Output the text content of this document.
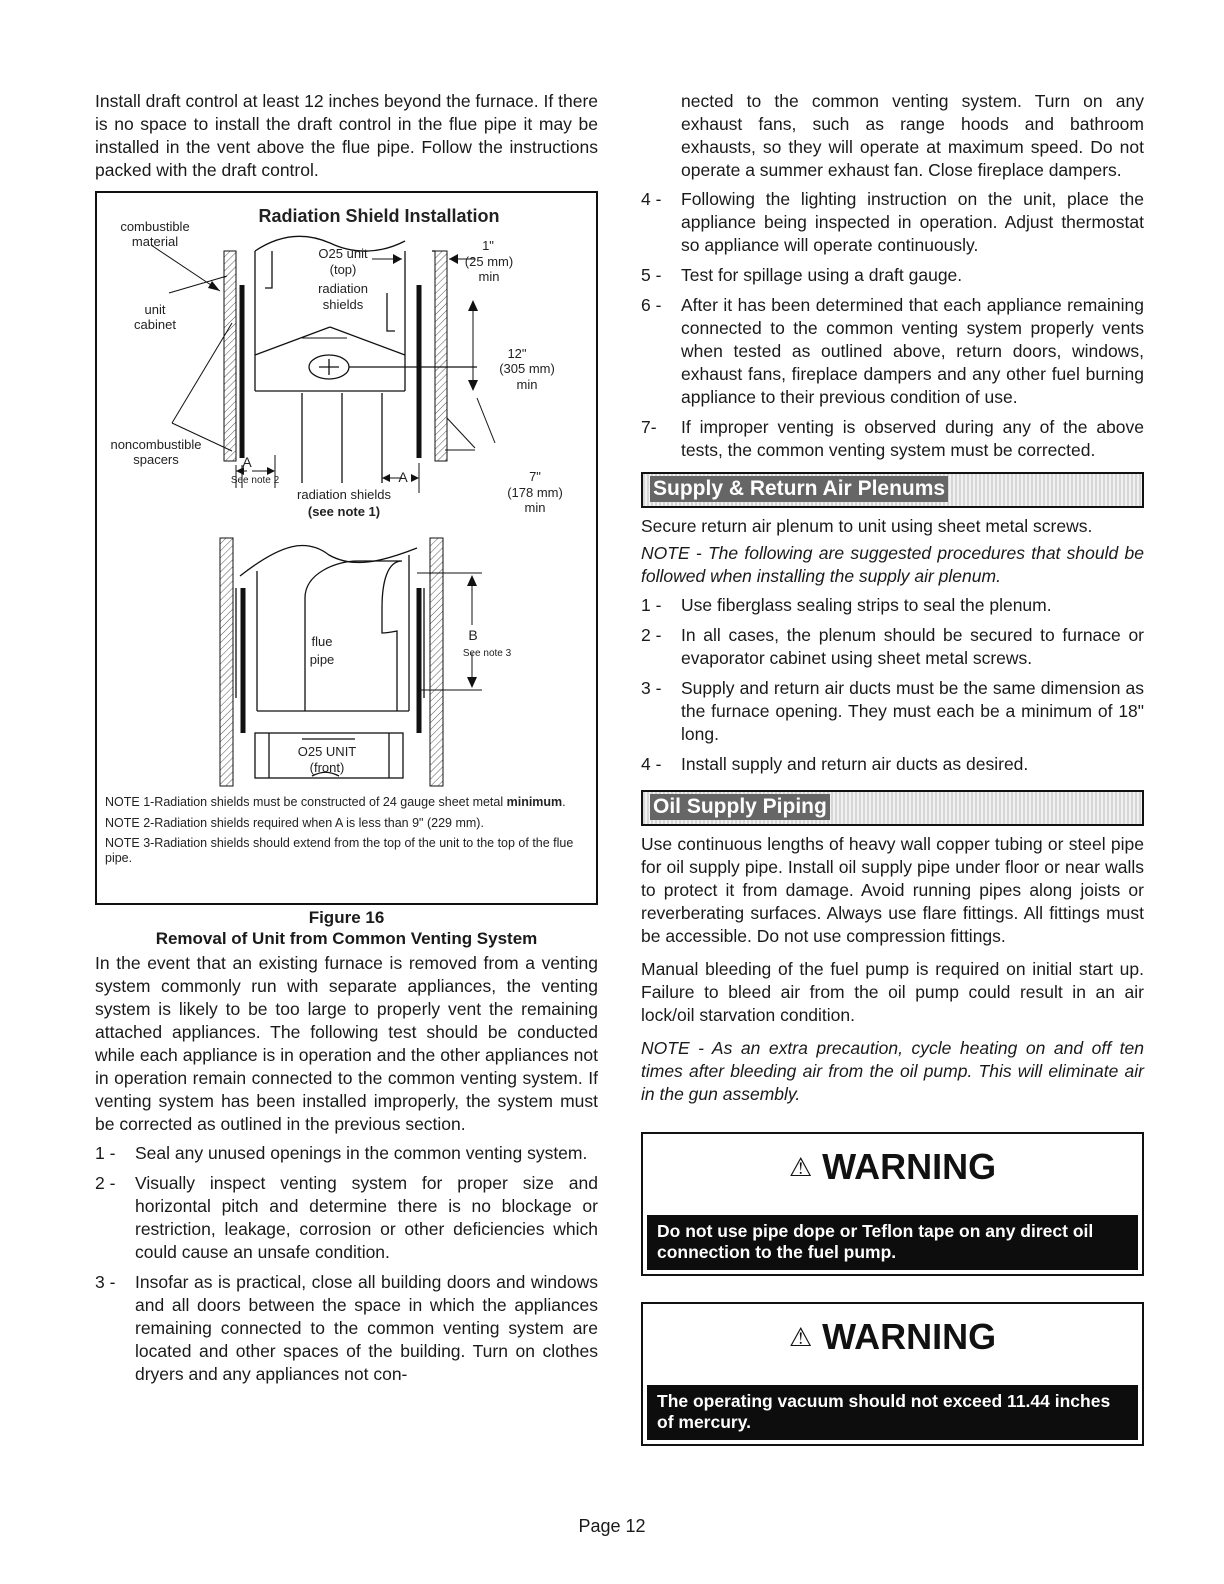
Install draft control at least 12 inches beyond the furnace. If there is no space to install the draft control in the flue pipe it may be installed in the vent above the flue pipe. Follow the instructions packed with the draft control.

Radiation Shield Installation
combustible
material
unit
cabinet
noncombustible
spacers
O25 unit
(top)
radiation
shields
1"
(25 mm)
min
12"
(305 mm)
min
A
See note 2	A	7"
(178 mm)
min
radiation shields
(see note 1)
flue
pipe
B
See note 3
O25 UNIT
(front)
NOTE 1-Radiation shields must be constructed of 24 gauge sheet metal minimum.
NOTE 2-Radiation shields required when A is less than 9" (229 mm).
NOTE 3-Radiation shields should extend from the top of the unit to the top of the flue pipe.
Figure 16
Removal of Unit from Common Venting System

In the event that an existing furnace is removed from a venting system commonly run with separate appliances, the venting system is likely to be too large to properly vent the remaining attached appliances. The following test should be conducted while each appliance is in operation and the other appliances not in operation remain connected to the common venting system. If venting system has been installed improperly, the system must be corrected as outlined in the previous section.

1 -	Seal any unused openings in the common venting system.
2 -	Visually inspect venting system for proper size and horizontal pitch and determine there is no blockage or restriction, leakage, corrosion or other deficiencies which could cause an unsafe condition.
3 -	Insofar as is practical, close all building doors and windows and all doors between the space in which the appliances remaining connected to the common venting system are located and other spaces of the building. Turn on clothes dryers and any appliances not con-

nected to the common venting system. Turn on any exhaust fans, such as range hoods and bathroom exhausts, so they will operate at maximum speed. Do not operate a summer exhaust fan. Close fireplace dampers.

4 -	Following the lighting instruction on the unit, place the appliance being inspected in operation. Adjust thermostat so appliance will operate continuously.
5 -	Test for spillage using a draft gauge.
6 -	After it has been determined that each appliance remaining connected to the common venting system properly vents when tested as outlined above, return doors, windows, exhaust fans, fireplace dampers and any other fuel burning appliance to their previous condition of use.
7-	If improper venting is observed during any of the above tests, the common venting system must be corrected.
Supply & Return Air Plenums

Secure return air plenum to unit using sheet metal screws.

NOTE - The following are suggested procedures that should be followed when installing the supply air plenum.

1 -	Use fiberglass sealing strips to seal the plenum.
2 -	In all cases, the plenum should be secured to furnace or evaporator cabinet using sheet metal screws.
3 -	Supply and return air ducts must be the same dimension as the furnace opening. They must each be a minimum of 18" long.
4 -	Install supply and return air ducts as desired.
Oil Supply Piping

Use continuous lengths of heavy wall copper tubing or steel pipe for oil supply pipe. Install oil supply pipe under floor or near walls to protect it from damage. Avoid running pipes along joists or reverberating surfaces. Always use flare fittings. All fittings must be accessible. Do not use compression fittings.

Manual bleeding of the fuel pump is required on initial start up. Failure to bleed air from the oil pump could result in an air lock/oil starvation condition.

NOTE - As an extra precaution, cycle heating on and off ten times after bleeding air from the oil pump. This will eliminate air in the gun assembly.

⚠ WARNING
Do not use pipe dope or Teflon tape on any direct oil connection to the fuel pump.
⚠ WARNING
The operating vacuum should not exceed 11.44 inches of mercury.
Page 12
